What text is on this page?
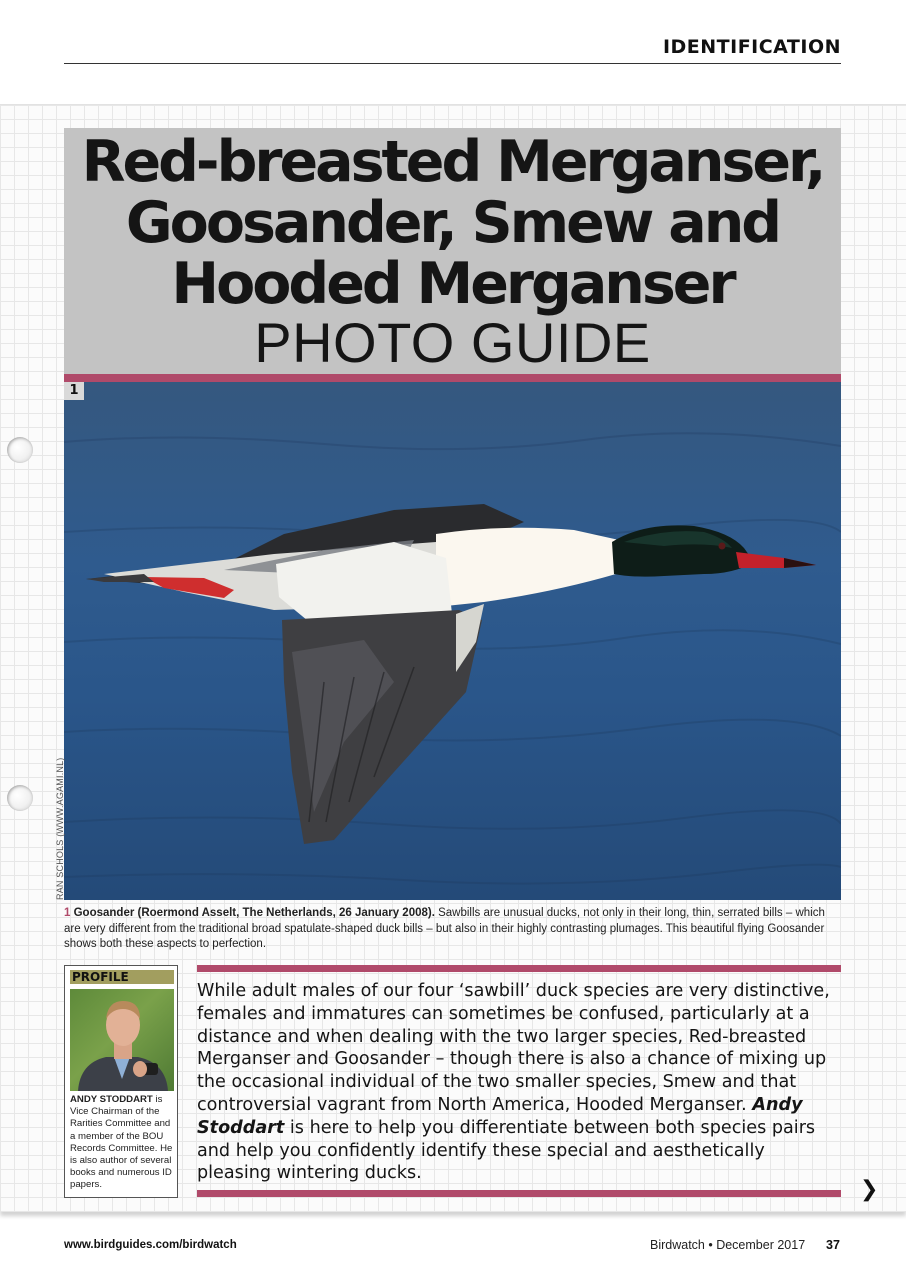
IDENTIFICATION
Red-breasted Merganser,
Goosander, Smew and
Hooded Merganser
PHOTO GUIDE
1
RAN SCHOLS (WWW.AGAMI.NL)
1 Goosander (Roermond Asselt, The Netherlands, 26 January 2008). Sawbills are unusual ducks, not only in their long, thin, serrated bills – which are very different from the traditional broad spatulate-shaped duck bills – but also in their highly contrasting plumages. This beautiful flying Goosander shows both these aspects to perfection.
PROFILE
ANDY STODDART is Vice Chairman of the Rarities Committee and a member of the BOU Records Committee. He is also author of several books and numerous ID papers.
While adult males of our four ‘sawbill’ duck species are very distinctive, females and immatures can sometimes be confused, particularly at a distance and when dealing with the two larger species, Red-breasted Merganser and Goosander – though there is also a chance of mixing up the occasional individual of the two smaller species, Smew and that controversial vagrant from North America, Hooded Merganser. Andy Stoddart is here to help you differentiate between both species pairs and help you confidently identify these special and aesthetically pleasing wintering ducks.
❯
www.birdguides.com/birdwatch	Birdwatch • December 2017 37
